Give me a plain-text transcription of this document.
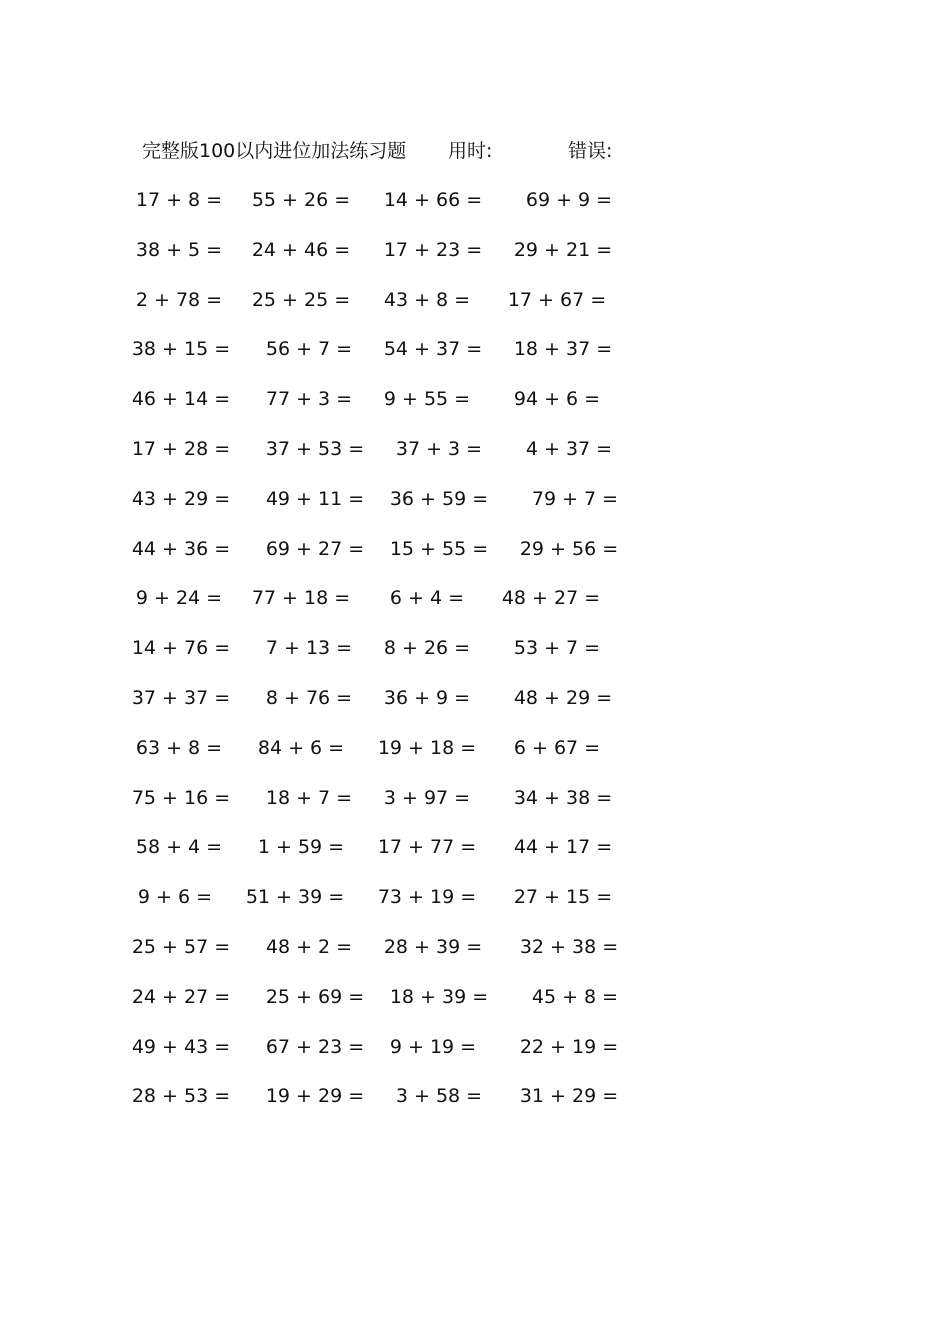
完整版100以内进位加法练习题 用时:	错误:
17 + 8 =	55 + 26 =	14 + 66 =	69 + 9 =
38 + 5 =	24 + 46 =	17 + 23 =	29 + 21 =
2 + 78 =	25 + 25 =	43 + 8 =	17 + 67 =
38 + 15 =	56 + 7 =	54 + 37 =	18 + 37 =
46 + 14 =	77 + 3 =	9 + 55 =	94 + 6 =
17 + 28 =	37 + 53 =	37 + 3 =	4 + 37 =
43 + 29 =	49 + 11 =	36 + 59 =	79 + 7 =
44 + 36 =	69 + 27 =	15 + 55 =	29 + 56 =
9 + 24 =	77 + 18 =	6 + 4 =	48 + 27 =
14 + 76 =	7 + 13 =	8 + 26 =	53 + 7 =
37 + 37 =	8 + 76 =	36 + 9 =	48 + 29 =
63 + 8 =	84 + 6 =	19 + 18 =	6 + 67 =
75 + 16 =	18 + 7 =	3 + 97 =	34 + 38 =
58 + 4 =	1 + 59 =	17 + 77 =	44 + 17 =
9 + 6 =	51 + 39 =	73 + 19 =	27 + 15 =
25 + 57 =	48 + 2 =	28 + 39 =	32 + 38 =
24 + 27 =	25 + 69 =	18 + 39 =	45 + 8 =
49 + 43 =	67 + 23 =	9 + 19 =	22 + 19 =
28 + 53 =	19 + 29 =	3 + 58 =	31 + 29 =
